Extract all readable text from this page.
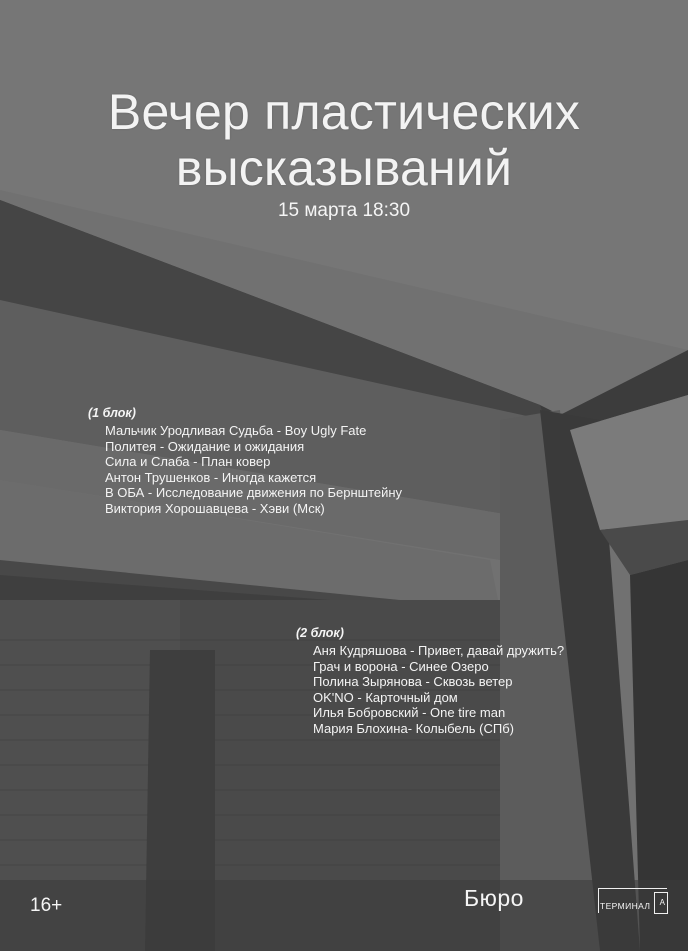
Вечер пластических
высказываний
15 марта 18:30
(1 блок)
Мальчик Уродливая Судьба - Boy Ugly Fate
Политея - Ожидание и ожидания
Сила и Слаба - План ковер
Антон Трушенков - Иногда кажется
В ОБА - Исследование движения по Бернштейну
Виктория Хорошавцева - Хэви (Мск)
(2 блок)
Аня Кудряшова - Привет, давай дружить?
Грач и ворона - Синее Озеро
Полина Зырянова - Сквозь ветер
OK'NO - Карточный дом
Илья Бобровский - One tire man
Мария Блохина- Колыбель (СПб)
16+	Бюро	ТЕРМИНАЛ А
